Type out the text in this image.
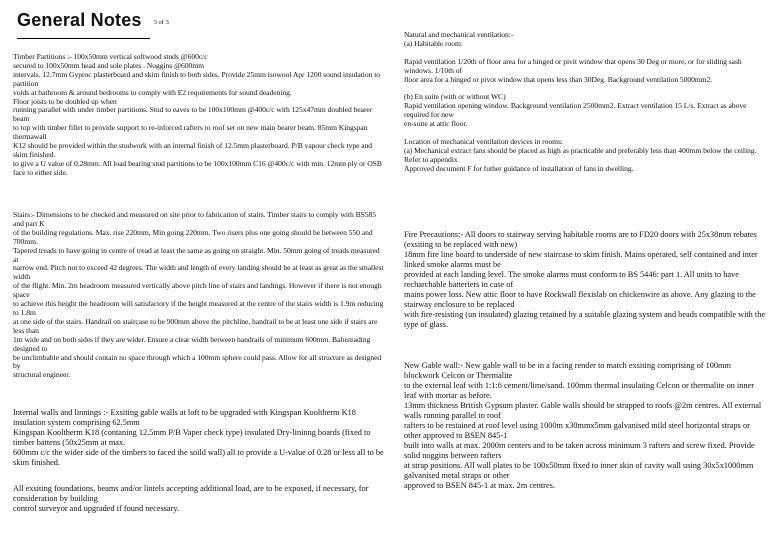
General Notes 3 of 3
Timber Partitions :- 100x50mm vertical softwood studs @600c/c
secured to 100x50mm head and sole plates . Noggins @600mm
intervals. 12.7mm Gyproc plasterboard and skim finish to both sides. Provide 25mm isowool Apr 1200 sound insulation to partition
voids at bathroom & around bedrooms to comply with E2 requirements for sound deadening.
Floor joists to be doubled up when
running parallel with under timber partitions. Stud to eaves to be 100x100mm @400c/c with 125x47mm doubled bearer beam
to top with timber fillet to provide support to re-inforced rafters to roof set on new main bearer beam. 85mm Kingspan thermawall
K12 should be provided within the studwork with an internal finish of 12.5mm plasterboard. P/B vapour check type and skim finished.
to give a U value of 0.28mm. All load bearing stud partitions to be 100x100mm C16 @400c/c with min. 12mm ply or OSB face to either side.
Stairs:- Dimensions to be checked and measured on site prior to fabrication of stairs. Timber stairs to comply with BS585 and part K
of the building regulations. Max. rise 220mm, Min going 220mm. Two risers plus one going should be between 550 and 700mm.
Tapered treads to have going in centre of tread at least the same as going on straight. Min. 50mm going of treads measured at
narrow end. Pitch not to exceed 42 degrees. The width and length of every landing should be at least as great as the smallest width
of the flight. Min. 2m headroom measured vertically above pitch line of stairs and landings. However if there is not enough space
to achieve this height the headroom will satisfactory if the height measured at the centre of the stairs width is 1.9m reducing to 1.8m
at one side of the stairs. Handrail on staircase to be 900mm above the pitchline, handrail to be at least one side if stairs are less than
1m wide and on both sides if they are wider. Ensure a clear width between handrails of minimum 600mm. Balustrading designed to
be unclimbable and should contain no space through which a 100mm sphere could pass. Allow for all structure as designed by
structural engineer.
Internal walls and linnings :- Exsiting gable walls at loft to be upgraded with Kingspan Kooltherm K18 insulation system comprising 62.5mm
Kingspan Kooltherm K18 (contaning 12.5mm P/B Vaper check type) insulated Dry-lininng boards (fixed to timber battens (50x25mm at max.
600mm c/c the wider side of the timbers to faced the soild wall) all to provide a U-value of 0.28 or less all to be skim finished.
All exsiting foundations, beams and/or lintels accepting additional load, are to be exposed, if necessary, for consideration by building
control surveyor and upgraded if found necessary.
Natural and mechanical ventilation:-
(a) Habitable room:

Rapid ventilation 1/20th of floor area for a hinged or pivit window that opens 30 Deg or more, or for sliding sash windows. 1/10th of
floor area for a hinged or pivot window that opens less than 30Deg. Background ventilation 5000mm2.

(b) En suite (with or without WC)
Rapid ventilation opening window. Background ventilation 2500mm2. Extract ventilation 15 L/s. Extract as above required for new
en-suite at attic floor.

Location of mechanical ventilation devices in rooms:
(a) Mechanical extract fans should be placed as high as practicable and preferably less than 400mm below the ceiling. Refer to appendix
Approved document F for futher guidance of installation of fans in dwelling.
Fire Precautions:- All doors to stairway serving habitable rooms are to FD20 doors with 25x38mm rebates (exsiting to be replaced with new)
18mm fire line board to underside of new staircase to skim finish. Mains operated, self contained and inter linked smoke alarms must be
provided at each landing level. The smoke alarms must conform to BS 5446: part 1. All units to have recharchable batteriers in case of
mains power loss. New attic floor to have Rockwall flexislab on chickenwire as above. Any glazing to the stairway enclosure to be replaced
with fire-resisting (un insulated) glazing retained by a suitable glazing system and beads compatible with the type of glass.
New Gable wall:- New gable wall to be in a facing render to match exsiting comprising of 100mm blockwork Celcon or Thermalite
to the external leaf with 1:1:6 cement/lime/sand. 100mm thermal insulating Celcon or thermalite on inner leaf with mortar as before.
13mm thickness British Gypsum plaster. Gable walls should be strapped to roofs @2m centres. All external walls running parallel to roof
rafters to be restained at roof level using 1000m x30mmx5mm galvanised mild steel horizontal straps or other approved to BSEN 845-1
built into walls at max. 2000m centers and to be taken across minimum 3 rafters and screw fixed. Provide solid noggins between rafters
at strap positions. All wall plates to be 100x50mm fixed to inner skin of cavity wall using 30x5x1000mm galvanised metal straps or other
approved to BSEN 845-1 at max. 2m centres.
